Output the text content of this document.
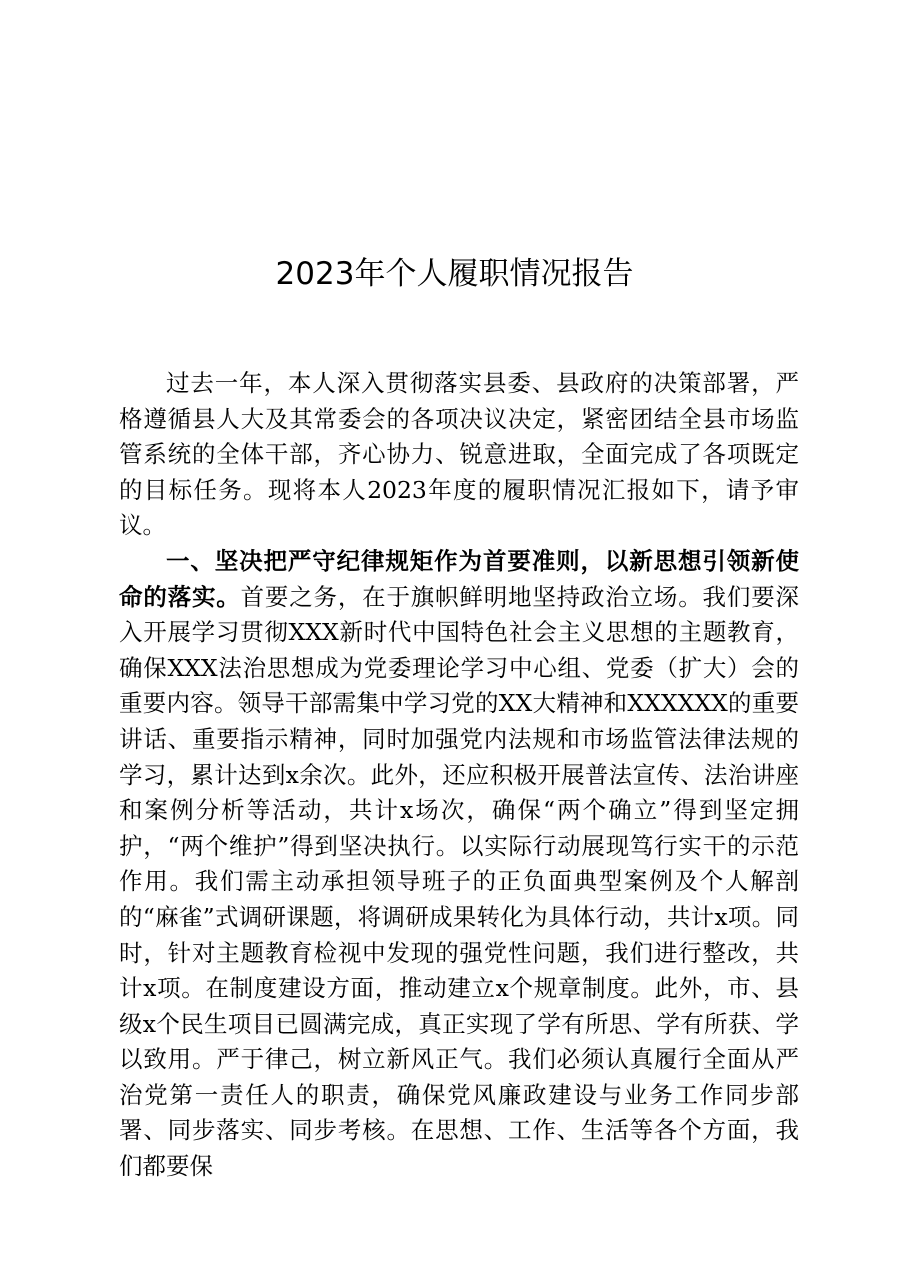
2023年个人履职情况报告

过去一年，本人深入贯彻落实县委、县政府的决策部署，严格遵循县人大及其常委会的各项决议决定，紧密团结全县市场监管系统的全体干部，齐心协力、锐意进取，全面完成了各项既定的目标任务。现将本人2023年度的履职情况汇报如下，请予审议。

一、坚决把严守纪律规矩作为首要准则，以新思想引领新使命的落实。首要之务，在于旗帜鲜明地坚持政治立场。我们要深入开展学习贯彻XXX新时代中国特色社会主义思想的主题教育，确保XXX法治思想成为党委理论学习中心组、党委（扩大）会的重要内容。领导干部需集中学习党的XX大精神和XXXXXX的重要讲话、重要指示精神，同时加强党内法规和市场监管法律法规的学习，累计达到x余次。此外，还应积极开展普法宣传、法治讲座和案例分析等活动，共计x场次，确保“两个确立”得到坚定拥护，“两个维护”得到坚决执行。以实际行动展现笃行实干的示范作用。我们需主动承担领导班子的正负面典型案例及个人解剖的“麻雀”式调研课题，将调研成果转化为具体行动，共计x项。同时，针对主题教育检视中发现的强党性问题，我们进行整改，共计x项。在制度建设方面，推动建立x个规章制度。此外，市、县级x个民生项目已圆满完成，真正实现了学有所思、学有所获、学以致用。严于律己，树立新风正气。我们必须认真履行全面从严治党第一责任人的职责，确保党风廉政建设与业务工作同步部署、同步落实、同步考核。在思想、工作、生活等各个方面，我们都要保
